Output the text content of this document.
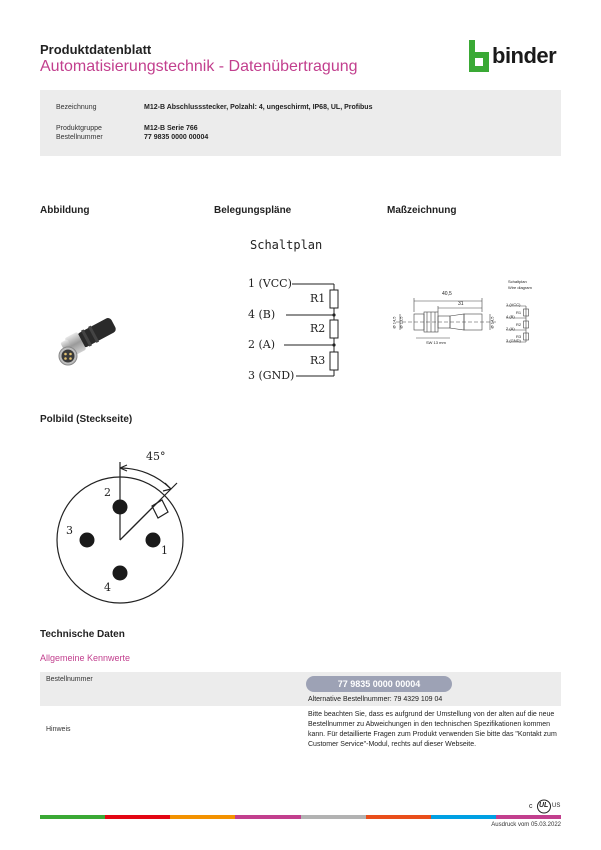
Produktdatenblatt
Automatisierungstechnik - Datenübertragung	binder
Bezeichnung	M12-B Abschlussstecker, Polzahl: 4, ungeschirmt, IP68, UL, Profibus
Produktgruppe	M12-B Serie 766
Bestellnummer	77 9835 0000 00004
Abbildung	Belegungspläne	Maßzeichnung
Schaltplan
1 (VCC)
4 (B)
2 (A)
3 (GND)
R1
R2
R3
40,5
31
Ø 14,5 Ø 13,5	Ø 14,5
SW 13 mm
Schaltplan
Wire diagram
1 (VCC)
4 (B)
2 (A)
3 (GND)
R1
R2
R3
Polbild (Steckseite)
45°
2
3
1
4
Technische Daten
Allgemeine Kennwerte
Bestellnummer	77 9835 0000 00004
Alternative Bestellnummer: 79 4329 109 04
Hinweis
Bitte beachten Sie, dass es aufgrund der Umstellung von der alten auf die neue Bestellnummer zu Abweichungen in den technischen Spezifikationen kommen kann. Für detaillierte Fragen zum Produkt verwenden Sie bitte das "Kontakt zum Customer Service"-Modul, rechts auf dieser Webseite.
c UL US
Ausdruck vom 05.03.2022
